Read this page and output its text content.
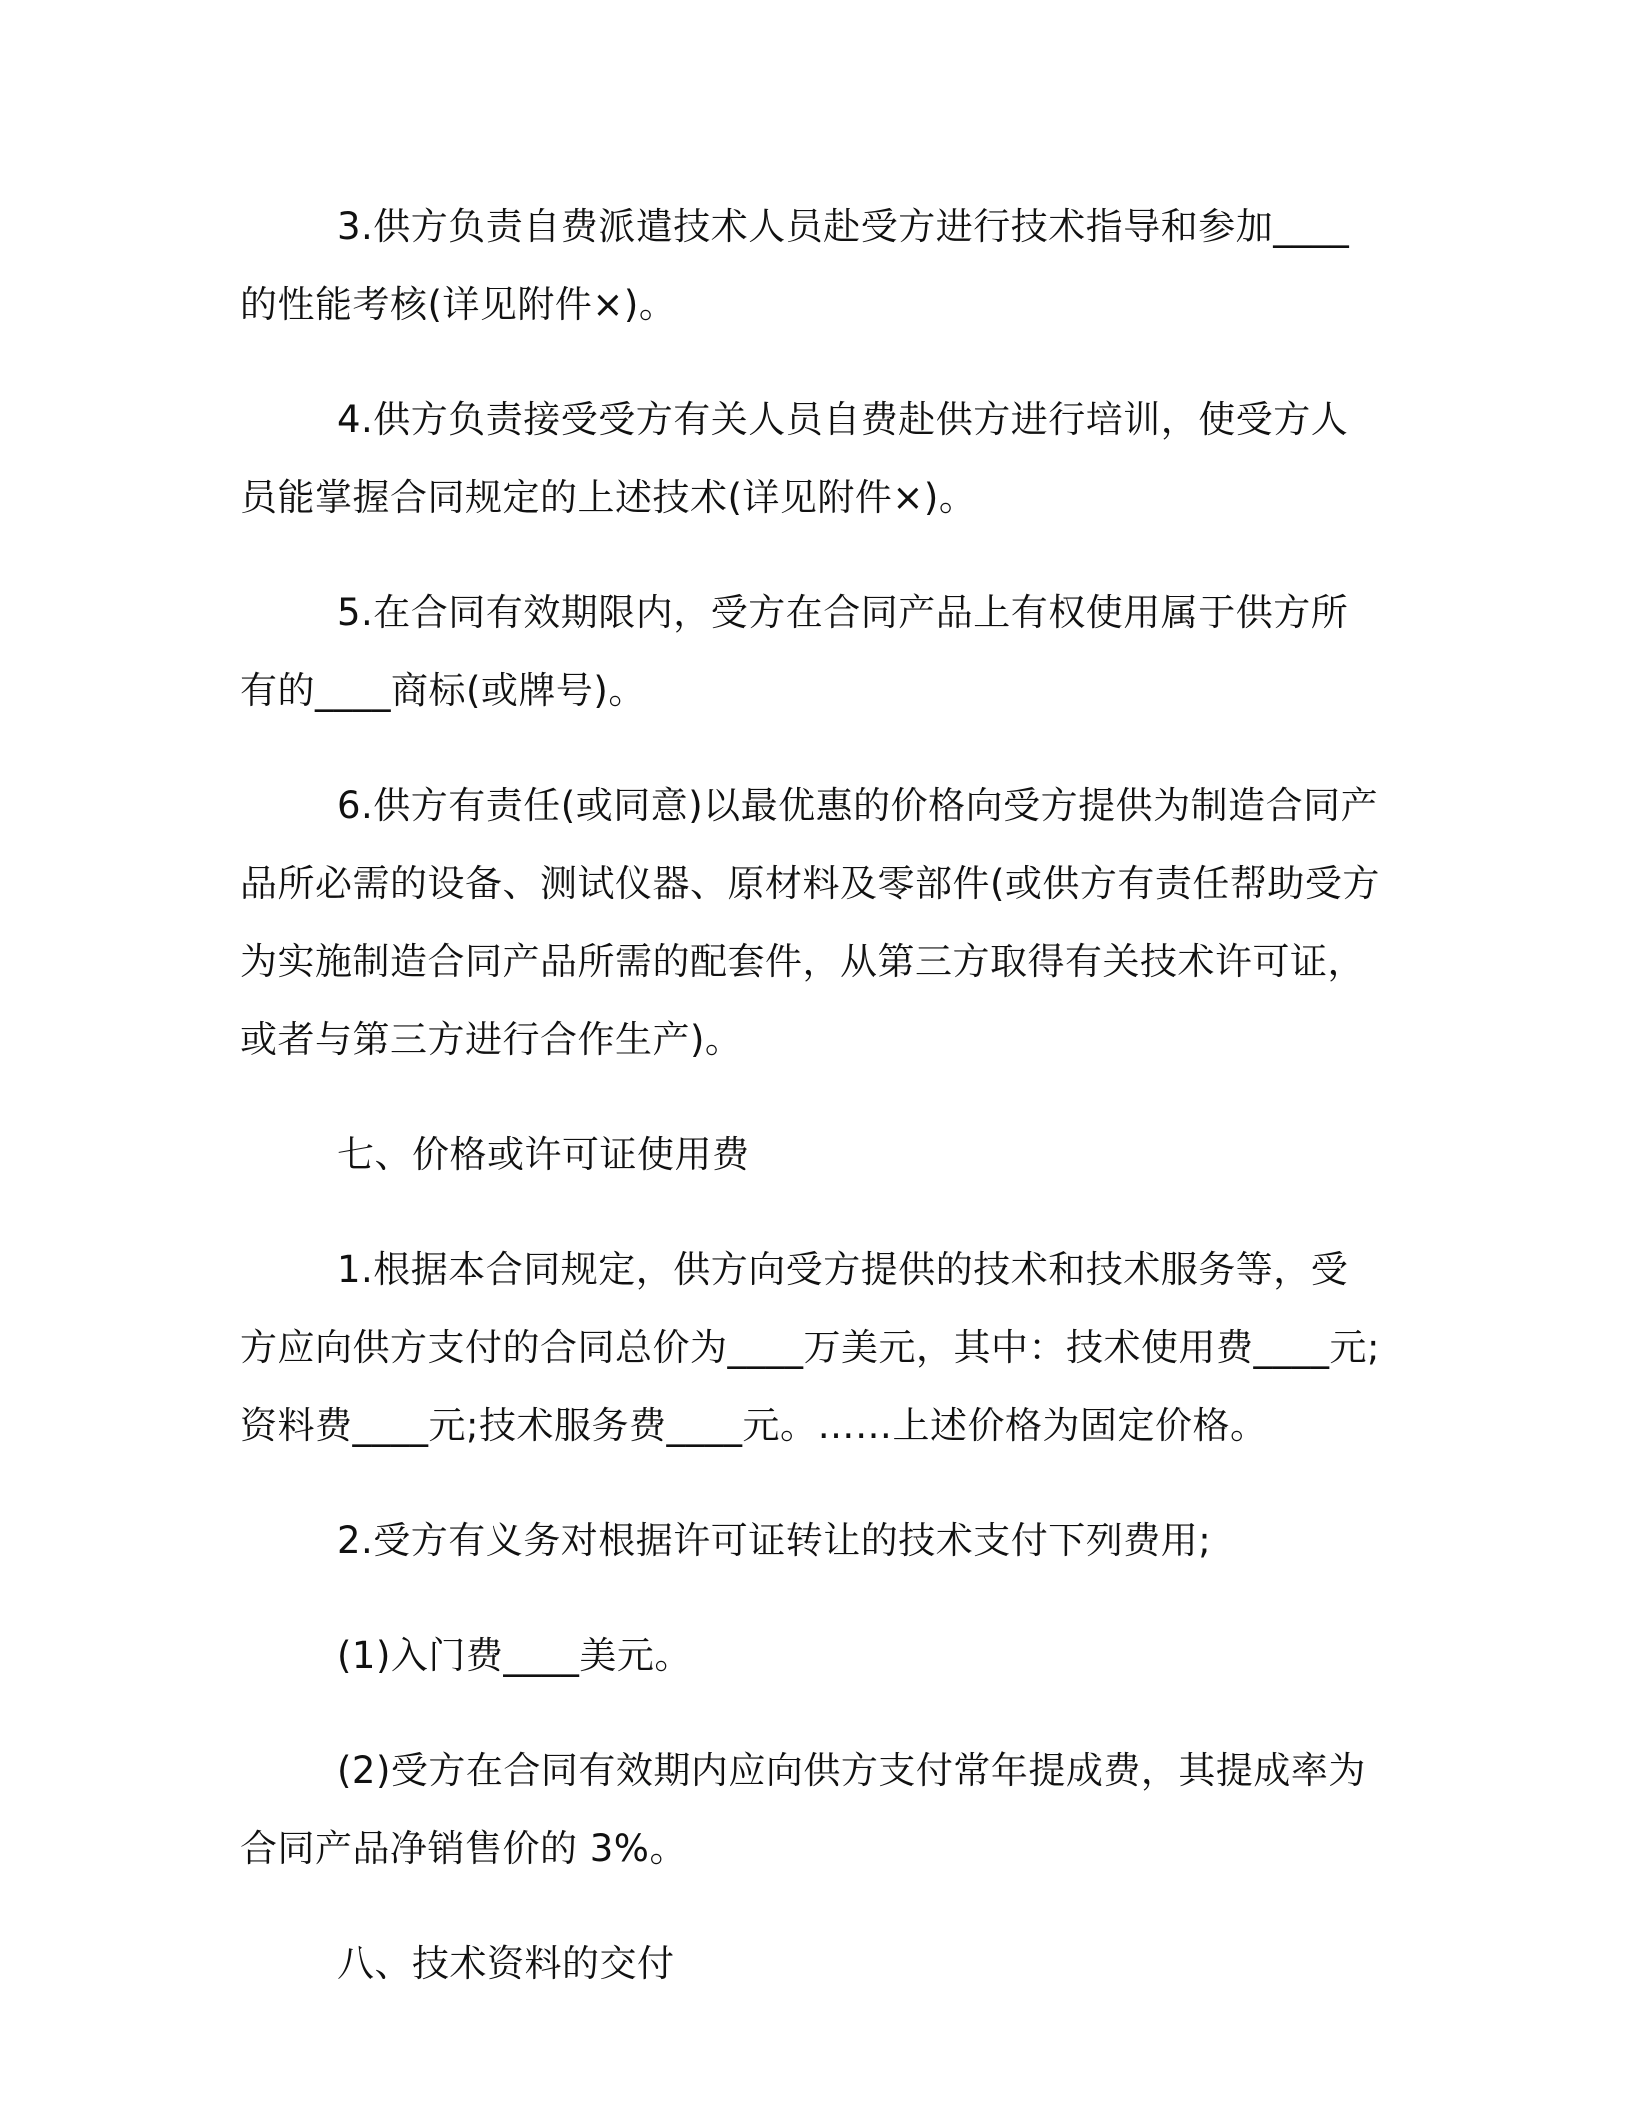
3.供方负责自费派遣技术人员赴受方进行技术指导和参加____的性能考核(详见附件×)。

4.供方负责接受受方有关人员自费赴供方进行培训，使受方人员能掌握合同规定的上述技术(详见附件×)。

5.在合同有效期限内，受方在合同产品上有权使用属于供方所有的____商标(或牌号)。

6.供方有责任(或同意)以最优惠的价格向受方提供为制造合同产品所必需的设备、测试仪器、原材料及零部件(或供方有责任帮助受方为实施制造合同产品所需的配套件，从第三方取得有关技术许可证，或者与第三方进行合作生产)。

七、价格或许可证使用费

1.根据本合同规定，供方向受方提供的技术和技术服务等，受方应向供方支付的合同总价为____万美元，其中：技术使用费____元;资料费____元;技术服务费____元。……上述价格为固定价格。

2.受方有义务对根据许可证转让的技术支付下列费用;

(1)入门费____美元。

(2)受方在合同有效期内应向供方支付常年提成费，其提成率为合同产品净销售价的 3%。

八、技术资料的交付
